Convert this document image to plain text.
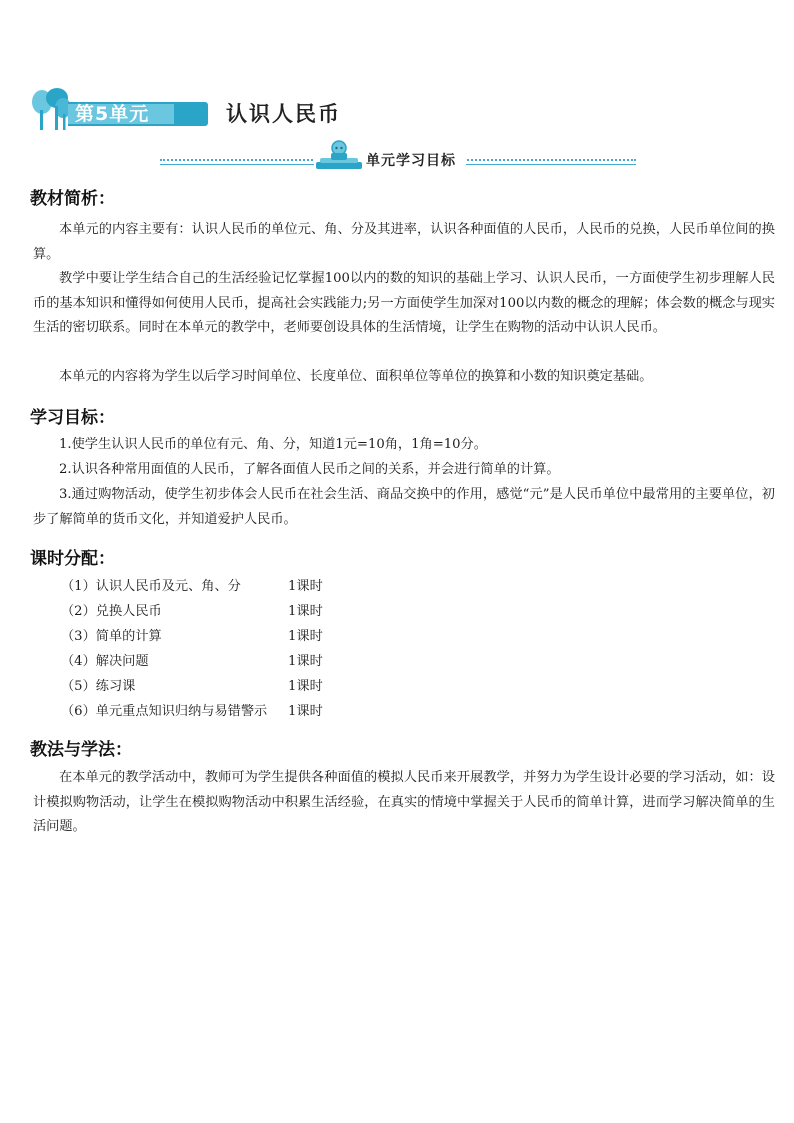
第5单元	认识人民币
单元学习目标
教材简析：
本单元的内容主要有：认识人民币的单位元、角、分及其进率，认识各种面值的人民币，人民币的兑换，人民币单位间的换算。
教学中要让学生结合自己的生活经验记忆掌握100以内的数的知识的基础上学习、认识人民币，一方面使学生初步理解人民币的基本知识和懂得如何使用人民币，提高社会实践能力;另一方面使学生加深对100以内数的概念的理解；体会数的概念与现实生活的密切联系。同时在本单元的教学中，老师要创设具体的生活情境，让学生在购物的活动中认识人民币。
本单元的内容将为学生以后学习时间单位、长度单位、面积单位等单位的换算和小数的知识奠定基础。
学习目标：
1.使学生认识人民币的单位有元、角、分，知道1元=10角，1角=10分。
2.认识各种常用面值的人民币，了解各面值人民币之间的关系，并会进行简单的计算。
3.通过购物活动，使学生初步体会人民币在社会生活、商品交换中的作用，感觉“元”是人民币单位中最常用的主要单位，初步了解简单的货币文化，并知道爱护人民币。
课时分配：
（1）认识人民币及元、角、分	1课时
（2）兑换人民币	1课时
（3）简单的计算	1课时
（4）解决问题	1课时
（5）练习课	1课时
（6）单元重点知识归纳与易错警示 1课时
教法与学法：
在本单元的教学活动中，教师可为学生提供各种面值的模拟人民币来开展教学，并努力为学生设计必要的学习活动，如：设计模拟购物活动，让学生在模拟购物活动中积累生活经验，在真实的情境中掌握关于人民币的简单计算，进而学习解决简单的生活问题。
